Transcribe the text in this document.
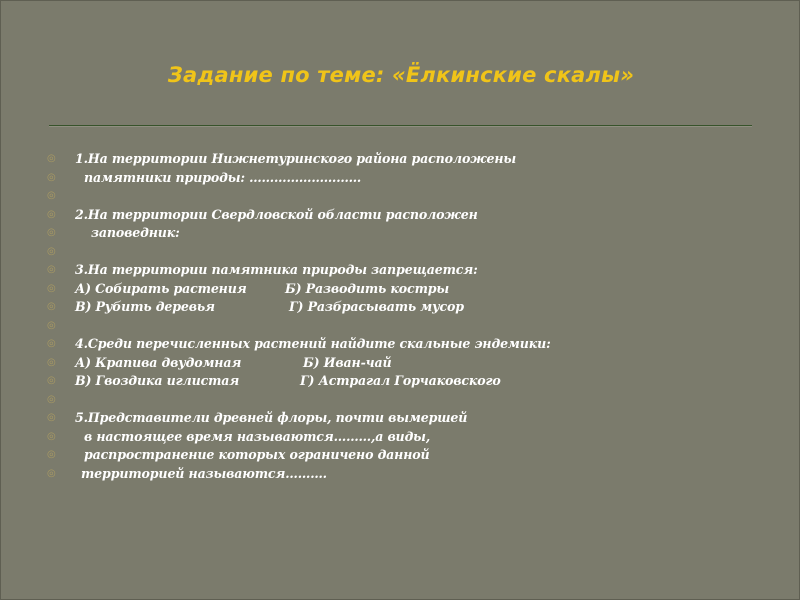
Задание по теме: «Ёлкинские скалы»
◎ 1.На территории Нижнетуринского района расположены
◎ памятники природы: ………………………
◎
◎ 2.На территории Свердловской области расположен
◎	заповедник:
◎
◎ 3.На территории памятника природы запрещается:
◎ А) Собирать растения	Б) Разводить костры
◎ В) Рубить деревья	Г) Разбрасывать мусор
◎
◎ 4.Среди перечисленных растений найдите скальные эндемики:
◎ А) Крапива двудомная	Б) Иван-чай
◎ В) Гвоздика иглистая	Г) Астрагал Горчаковского
◎
◎ 5.Представители древней флоры, почти вымершей
◎ в настоящее время называются………,а виды,
◎ распространение которых ограничено данной
◎ территорией называются……….
